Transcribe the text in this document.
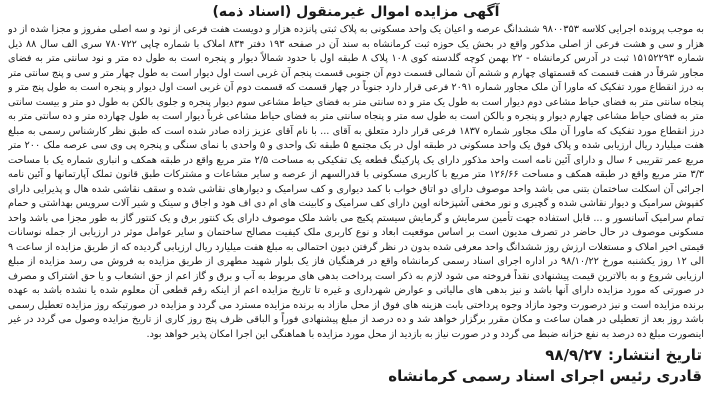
آگهی مزایده اموال غیرمنقول (اسناد ذمه)

به موجب پرونده اجرایی کلاسه ۹۸۰۰۳۵۳ ششدانگ عرصه و اعیان یک واحد مسکونی به پلاک ثبتی پانزده هزار و دویست هفت فرعی از نود و سه اصلی مفروز و مجزا شده از دو هزار و سی و هشت فرعی از اصلی مذکور واقع در بخش یک حوزه ثبت کرمانشاه به سند آن در صفحه ۱۹۳ دفتر ۸۳۴ املاک با شماره چاپی ۷۸۰۷۲۲ سری الف سال ۸۸ ذیل شماره ۱۵۱۵۲۲۹۳ ثبت در آدرس کرمانشاه - ۲۲ بهمن کوچه گلدسته کوی ۱۰۸ پلاک ۸ طبقه اول با حدود شمالاً دیوار و پنجره است به طول ده متر و نود سانتی متر به فضای مجاور شرقاً در هفت قسمت که قسمتهای چهارم و ششم آن شمالی قسمت دوم آن جنوبی قسمت پنجم آن غربی است اول دیوار است به طول چهار متر و سی و پنج سانتی متر به درز انقطاع مورد تفکیک که ماورا آن ملک مجاور شماره ۲۰۹۱ فرعی قرار دارد جنوباً در چهار قسمت که قسمت دوم آن غربی است اول دیوار و پنجره است به طول پنج متر و پنجاه سانتی متر به فضای حیاط مشاعی دوم دیوار است به طول یک متر و ده سانتی متر به فضای حیاط مشاعی سوم دیوار پنجره و جلوی بالکن به طول دو متر و بیست سانتی متر به فضای حیاط مشاعی چهارم دیوار و پنجره و بالکن است به طول سه متر و پنجاه سانتی متر به فضای حیاط مشاعی غرباً دیوار است به طول چهارده متر و ده سانتی متر به درز انقطاع مورد تفکیک که ماورا آن ملک مجاور شماره ۱۸۳۷ فرعی قرار دارد متعلق به آقای ... با نام آقای عزیز زاده صادر شده است که طبق نظر کارشناس رسمی به مبلغ هفت میلیارد ریال ارزیابی شده و پلاک فوق یک واحد مسکونی در طبقه اول در یک مجتمع ۵ طبقه تک واحدی و ۵ واحدی با نمای سنگی و پنجره پی وی سی عرصه ملک ۲۰۰ متر مربع عمر تقریبی ۶ سال و دارای آئین نامه است واحد مذکور دارای یک پارکینگ قطعه یک تفکیکی به مساحت ۲/۵ متر مربع واقع در طبقه همکف و انباری شماره یک با مساحت ۳/۳ متر مربع واقع در طبقه همکف و مساحت ۱۲۶/۶۶ متر مربع با کاربری مسکونی با قدرالسهم از عرصه و سایر مشاعات و مشترکات طبق قانون تملک آپارتمانها و آئین نامه اجرائی آن اسکلت ساختمان بتنی می باشد واحد موصوف دارای دو اتاق خواب با کمد دیواری و کف سرامیک و دیوارهای نقاشی شده و سقف نقاشی شده هال و پذیرایی دارای کفپوش سرامیک و دیوار نقاشی شده و گچبری و نور مخفی آشپزخانه اوپن دارای کف سرامیک و کابینت های ام دی اف هود و اجاق و سینک و شیر آلات سرویس بهداشتی و حمام تمام سرامیک آسانسور و ... قابل استفاده جهت تأمین سرمایش و گرمایش سیستم پکیج می باشد ملک موصوف دارای یک کنتور برق و یک کنتور گاز به طور مجزا می باشد واحد مسکونی موصوف در حال حاضر در تصرف مدیون است بر اساس موقعیت ابعاد و نوع کاربری ملک کیفیت مصالح ساختمان و سایر عوامل موثر در ارزیابی از جمله نوسانات قیمتی اخیر املاک و مستغلات ارزش روز ششدانگ واحد معرفی شده بدون در نظر گرفتن دیون احتمالی به مبلغ هفت میلیارد ریال ارزیابی گردیده که از طریق مزایده از ساعت ۹ الی ۱۲ روز یکشنبه مورخ ۹۸/۱۰/۲۲ در اداره اجرای اسناد رسمی کرمانشاه واقع در فرهنگیان فاز یک بلوار شهید مطهری از طریق مزایده به فروش می رسد مزایده از مبلغ ارزیابی شروع و به بالاترین قیمت پیشنهادی نقداً فروخته می شود لازم به ذکر است پرداخت بدهی های مربوط به آب و برق و گاز اعم از حق انشعاب و یا حق اشتراک و مصرف در صورتی که مورد مزایده دارای آنها باشد و نیز بدهی های مالیاتی و عوارض شهرداری و غیره تا تاریخ مزایده اعم از اینکه رقم قطعی آن معلوم شده یا نشده باشد به عهده برنده مزایده است و نیز درصورت وجود مازاد وجوه پرداختی بابت هزینه های فوق از محل مازاد به برنده مزایده مسترد می گردد و مزایده در صورتیکه روز مزایده تعطیل رسمی باشد روز بعد از تعطیلی در همان ساعت و مکان مقرر برگزار خواهد شد و ده درصد از مبلغ پیشنهادی فوراً و الباقی ظرف پنج روز کاری از تاریخ مزایده وصول می گردد در غیر اینصورت مبلغ ده درصد به نفع خزانه ضبط می گردد و در صورت نیاز به بازدید از محل مورد مزایده با هماهنگی این اجرا امکان پذیر خواهد بود.

تاریخ انتشار:
۹۸/۹/۲۷
قادری رئیس اجرای اسناد رسمی کرمانشاه
